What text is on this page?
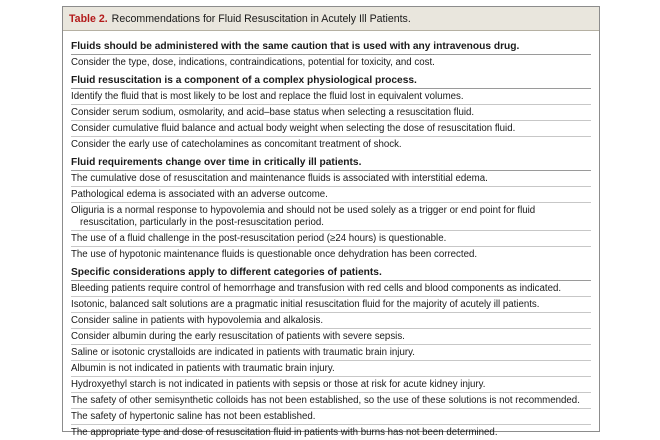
Table 2. Recommendations for Fluid Resuscitation in Acutely Ill Patients.
Fluids should be administered with the same caution that is used with any intravenous drug.
Consider the type, dose, indications, contraindications, potential for toxicity, and cost.
Fluid resuscitation is a component of a complex physiological process.
Identify the fluid that is most likely to be lost and replace the fluid lost in equivalent volumes.
Consider serum sodium, osmolarity, and acid–base status when selecting a resuscitation fluid.
Consider cumulative fluid balance and actual body weight when selecting the dose of resuscitation fluid.
Consider the early use of catecholamines as concomitant treatment of shock.
Fluid requirements change over time in critically ill patients.
The cumulative dose of resuscitation and maintenance fluids is associated with interstitial edema.
Pathological edema is associated with an adverse outcome.
Oliguria is a normal response to hypovolemia and should not be used solely as a trigger or end point for fluid resuscitation, particularly in the post-resuscitation period.
The use of a fluid challenge in the post-resuscitation period (≥24 hours) is questionable.
The use of hypotonic maintenance fluids is questionable once dehydration has been corrected.
Specific considerations apply to different categories of patients.
Bleeding patients require control of hemorrhage and transfusion with red cells and blood components as indicated.
Isotonic, balanced salt solutions are a pragmatic initial resuscitation fluid for the majority of acutely ill patients.
Consider saline in patients with hypovolemia and alkalosis.
Consider albumin during the early resuscitation of patients with severe sepsis.
Saline or isotonic crystalloids are indicated in patients with traumatic brain injury.
Albumin is not indicated in patients with traumatic brain injury.
Hydroxyethyl starch is not indicated in patients with sepsis or those at risk for acute kidney injury.
The safety of other semisynthetic colloids has not been established, so the use of these solutions is not recommended.
The safety of hypertonic saline has not been established.
The appropriate type and dose of resuscitation fluid in patients with burns has not been determined.
